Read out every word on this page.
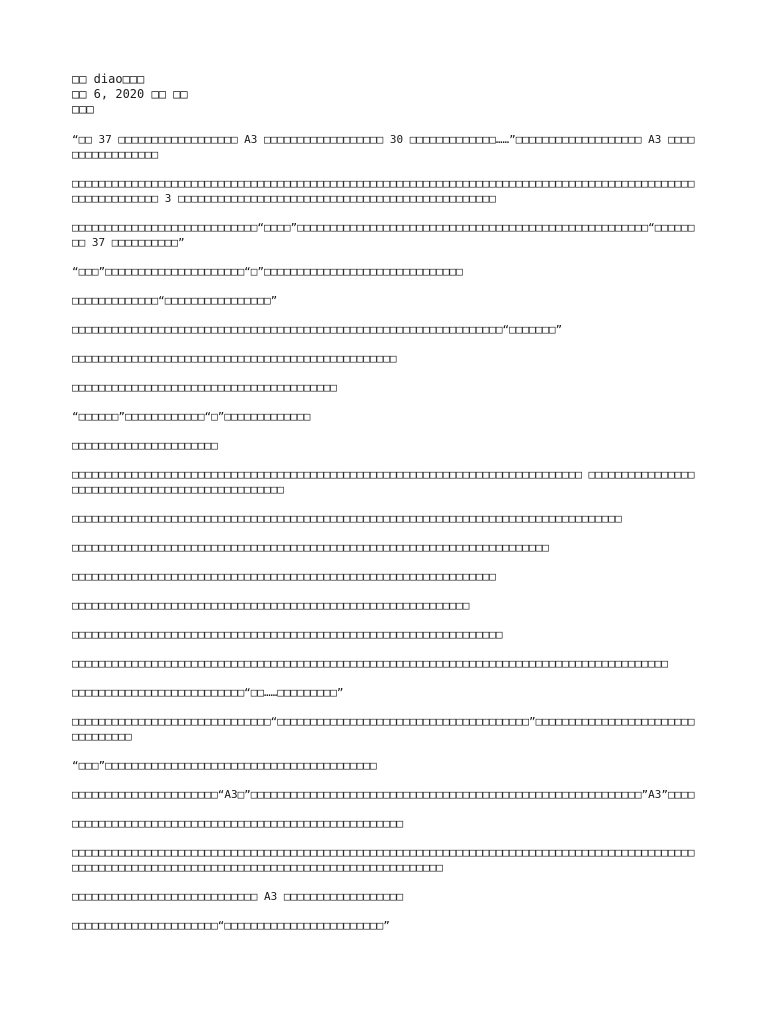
□□ diao□□□
□□ 6, 2020 □□ □□
□□□

“□□ 37 □□□□□□□□□□□□□□□□□□ A3 □□□□□□□□□□□□□□□□□□ 30 □□□□□□□□□□□□□……”□□□□□□□□□□□□□□□□□□□ A3 □□□□□□□□□□□□□□□□□

□□□□□□□□□□□□□□□□□□□□□□□□□□□□□□□□□□□□□□□□□□□□□□□□□□□□□□□□□□□□□□□□□□□□□□□□□□□□□□□□□□□□□□□□□□□□□□□□□□□□□□□□□□□ 3 □□□□□□□□□□□□□□□□□□□□□□□□□□□□□□□□□□□□□□□□□□□□□□□□

□□□□□□□□□□□□□□□□□□□□□□□□□□□□“□□□□”□□□□□□□□□□□□□□□□□□□□□□□□□□□□□□□□□□□□□□□□□□□□□□□□□□□□□“□□□□□□□□ 37 □□□□□□□□□□”

“□□□”□□□□□□□□□□□□□□□□□□□□□“□”□□□□□□□□□□□□□□□□□□□□□□□□□□□□□□

□□□□□□□□□□□□□“□□□□□□□□□□□□□□□□”

□□□□□□□□□□□□□□□□□□□□□□□□□□□□□□□□□□□□□□□□□□□□□□□□□□□□□□□□□□□□□□□□□“□□□□□□□”

□□□□□□□□□□□□□□□□□□□□□□□□□□□□□□□□□□□□□□□□□□□□□□□□□

□□□□□□□□□□□□□□□□□□□□□□□□□□□□□□□□□□□□□□□□

“□□□□□□”□□□□□□□□□□□□“□”□□□□□□□□□□□□□

□□□□□□□□□□□□□□□□□□□□□□

□□□□□□□□□□□□□□□□□□□□□□□□□□□□□□□□□□□□□□□□□□□□□□□□□□□□□□□□□□□□□□□□□□□□□□□□□□□□□ □□□□□□□□□□□□□□□□□□□□□□□□□□□□□□□□□□□□□□□□□□□□□□□□

□□□□□□□□□□□□□□□□□□□□□□□□□□□□□□□□□□□□□□□□□□□□□□□□□□□□□□□□□□□□□□□□□□□□□□□□□□□□□□□□□□□

□□□□□□□□□□□□□□□□□□□□□□□□□□□□□□□□□□□□□□□□□□□□□□□□□□□□□□□□□□□□□□□□□□□□□□□□

□□□□□□□□□□□□□□□□□□□□□□□□□□□□□□□□□□□□□□□□□□□□□□□□□□□□□□□□□□□□□□□□

□□□□□□□□□□□□□□□□□□□□□□□□□□□□□□□□□□□□□□□□□□□□□□□□□□□□□□□□□□□□

□□□□□□□□□□□□□□□□□□□□□□□□□□□□□□□□□□□□□□□□□□□□□□□□□□□□□□□□□□□□□□□□□

□□□□□□□□□□□□□□□□□□□□□□□□□□□□□□□□□□□□□□□□□□□□□□□□□□□□□□□□□□□□□□□□□□□□□□□□□□□□□□□□□□□□□□□□□□

□□□□□□□□□□□□□□□□□□□□□□□□□□“□□……□□□□□□□□□”

□□□□□□□□□□□□□□□□□□□□□□□□□□□□□□“□□□□□□□□□□□□□□□□□□□□□□□□□□□□□□□□□□□□□□”□□□□□□□□□□□□□□□□□□□□□□□□□□□□□□□□□

“□□□”□□□□□□□□□□□□□□□□□□□□□□□□□□□□□□□□□□□□□□□□□

□□□□□□□□□□□□□□□□□□□□□□“A3□”□□□□□□□□□□□□□□□□□□□□□□□□□□□□□□□□□□□□□□□□□□□□□□□□□□□□□□□□□□□”A3”□□□□

□□□□□□□□□□□□□□□□□□□□□□□□□□□□□□□□□□□□□□□□□□□□□□□□□□

□□□□□□□□□□□□□□□□□□□□□□□□□□□□□□□□□□□□□□□□□□□□□□□□□□□□□□□□□□□□□□□□□□□□□□□□□□□□□□□□□□□□□□□□□□□□□□□□□□□□□□□□□□□□□□□□□□□□□□□□□□□□□□□□□□□□□□□□□□□□□□□□□□□□□□

□□□□□□□□□□□□□□□□□□□□□□□□□□□□ A3 □□□□□□□□□□□□□□□□□□

□□□□□□□□□□□□□□□□□□□□□□“□□□□□□□□□□□□□□□□□□□□□□□□”
